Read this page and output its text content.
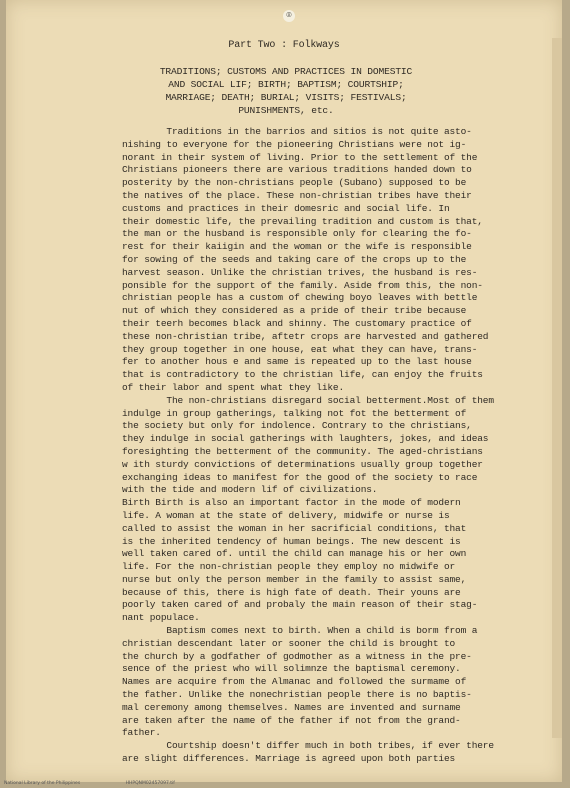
⌾
Part Two : Folkways
TRADITIONS; CUSTOMS AND PRACTICES IN DOMESTIC
AND SOCIAL LIF; BIRTH; BAPTISM; COURTSHIP;
MARRIAGE; DEATH; BURIAL; VISITS; FESTIVALS;
PUNISHMENTS, etc.
Traditions in the barrios and sitios is not quite asto-
nishing to everyone for the pioneering Christians were not ig-
norant in their system of living. Prior to the settlement of the
Christians pioneers there are various traditions handed down to
posterity by the non-christians people (Subano) supposed to be
the natives of the place. These non-christian tribes have their
customs and practices in their domesric and social life. In
their domestic life, the prevailing tradition and custom is that,
the man or the husband is responsible only for clearing the fo-
rest for their kaiigin and the woman or the wife is responsible
for sowing of the seeds and taking care of the crops up to the
harvest season. Unlike the christian trives, the husband is res-
ponsible for the support of the family. Aside from this, the non-
christian people has a custom of chewing boyo leaves with bettle
nut of which they considered as a pride of their tribe because
their teerh becomes black and shinny. The customary practice of
these non-christian tribe, aftetr crops are harvested and gathered
they group together in one house, eat what they can have, trans-
fer to another hous e and same is repeated up to the last house
that is contradictory to the christian life, can enjoy the fruits
of their labor and spent what they like.
The non-christians disregard social betterment.Most of them
indulge in group gatherings, talking not fot the betterment of
the society but only for indolence. Contrary to the christians,
they indulge in social gatherings with laughters, jokes, and ideas
foresighting the betterment of the community. The aged-christians
w ith sturdy convictions of determinations usually group together
exchanging ideas to manifest for the good of the society to race
with the tide and modern lif of civilizations.
Birth Birth is also an important factor in the mode of modern
life. A woman at the state of delivery, midwife or nurse is
called to assist the woman in her sacrificial conditions, that
is the inherited tendency of human beings. The new descent is
well taken cared of. until the child can manage his or her own
life. For the non-christian people they employ no midwife or
nurse but only the person member in the family to assist same,
because of this, there is high fate of death. Their youns are
poorly taken cared of and probaly the main reason of their stag-
nant populace.
Baptism comes next to birth. When a child is borm from a
christian descendant later or sooner the child is brought to
the church by a godfather of godmother as a witness in the pre-
sence of the priest who will solimnze the baptismal ceremony.
Names are acquire from the Almanac and followed the surmame of
the father. Unlike the nonechristian people there is no baptis-
mal ceremony among themselves. Names are invented and surname
are taken after the name of the father if not from the grand-
father.
Courtship doesn't differ much in both tribes, if ever there
are slight differences. Marriage is agreed upon both parties
National Library of the Philippines	HHPQNM02457097.tif
